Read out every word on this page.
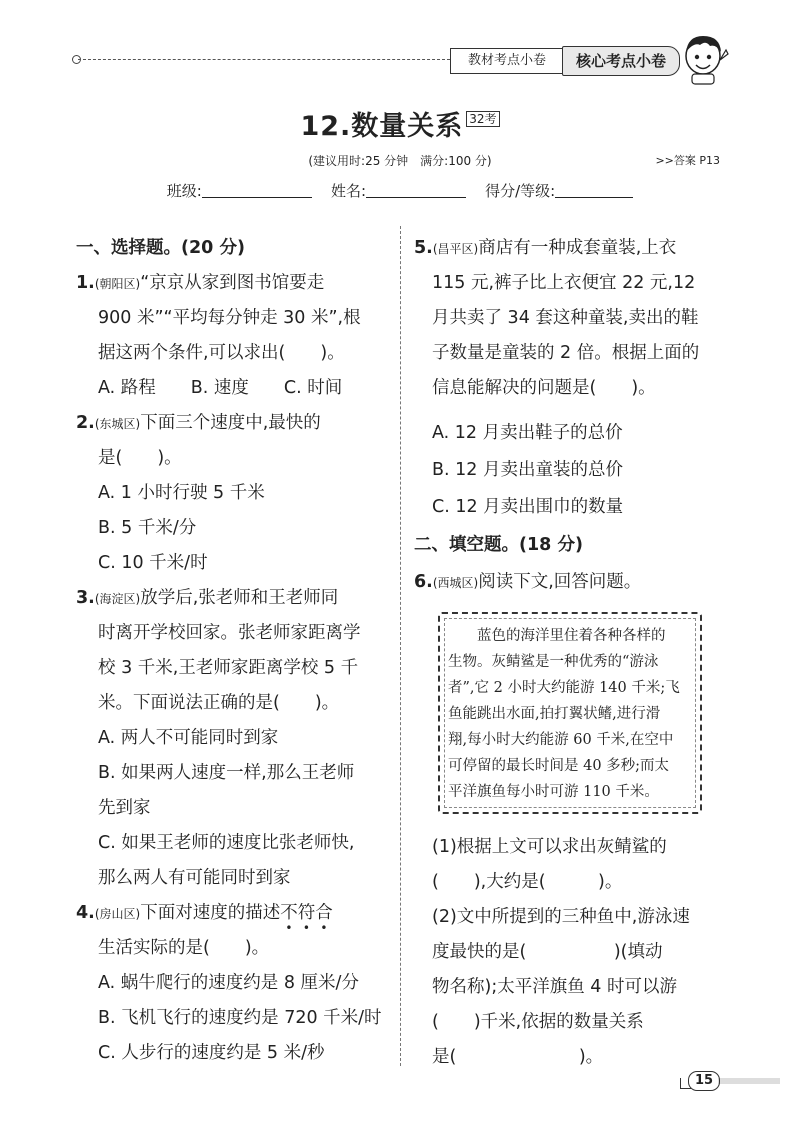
教材考点小卷	核心考点小卷
12.数量关系 $^{32考}$
(建议用时:25 分钟　满分:100 分)	>>答案 P13
班级:	姓名:	得分/等级:
一、选择题。(20 分)
1.(朝阳区)“京京从家到图书馆要走
900 米”“平均每分钟走 30 米”,根
据这两个条件,可以求出(　　)。
A. 路程　　B. 速度　　C. 时间
2.(东城区)下面三个速度中,最快的
是(　　)。
A. 1 小时行驶 5 千米
B. 5 千米/分
C. 10 千米/时
3.(海淀区)放学后,张老师和王老师同
时离开学校回家。张老师家距离学
校 3 千米,王老师家距离学校 5 千
米。下面说法正确的是(　　)。
A. 两人不可能同时到家
B. 如果两人速度一样,那么王老师
先到家
C. 如果王老师的速度比张老师快,
那么两人有可能同时到家
4.(房山区)下面对速度的描述不符合
生活实际的是(　　)。
A. 蜗牛爬行的速度约是 8 厘米/分
B. 飞机飞行的速度约是 720 千米/时
C. 人步行的速度约是 5 米/秒
5.(昌平区)商店有一种成套童装,上衣
115 元,裤子比上衣便宜 22 元,12
月共卖了 34 套这种童装,卖出的鞋
子数量是童装的 2 倍。根据上面的
信息能解决的问题是(　　)。
A. 12 月卖出鞋子的总价
B. 12 月卖出童装的总价
C. 12 月卖出围巾的数量
二、填空题。(18 分)
6.(西城区)阅读下文,回答问题。
　　蓝色的海洋里住着各种各样的
生物。灰鲭鲨是一种优秀的“游泳
者”,它 2 小时大约能游 140 千米;飞
鱼能跳出水面,拍打翼状鳍,进行滑
翔,每小时大约能游 60 千米,在空中
可停留的最长时间是 40 多秒;而太
平洋旗鱼每小时可游 110 千米。
(1)根据上文可以求出灰鲭鲨的
(　　),大约是(　　　)。
(2)文中所提到的三种鱼中,游泳速
度最快的是(　　　　　)(填动
物名称);太平洋旗鱼 4 时可以游
(　　)千米,依据的数量关系
是(　　　　　　　)。
15
